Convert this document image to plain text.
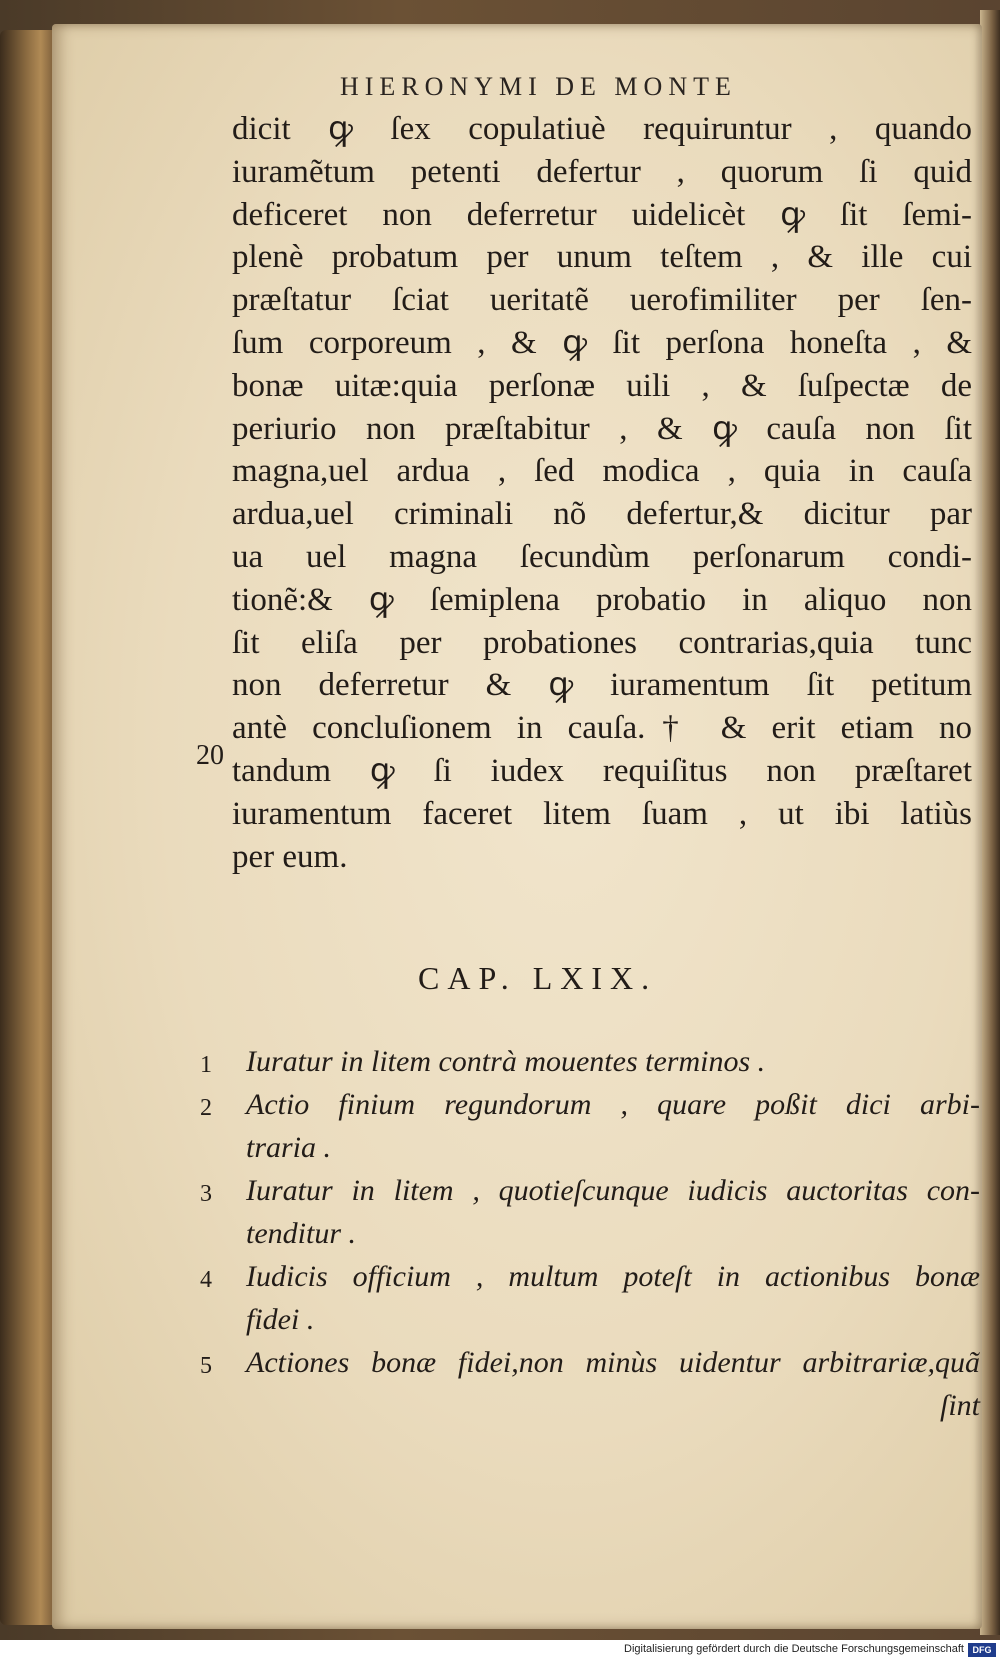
HIERONYMI DE MONTE
dicit ꝙ ſex copulatiuè requiruntur , quando
iuramẽtum petenti defertur , quorum ſi quid
deficeret non deferretur uidelicèt ꝙ ſit ſemi-
plenè probatum per unum teſtem , & ille cui
præſtatur ſciat ueritatẽ uerofimiliter per ſen-
ſum corporeum , & ꝙ ſit perſona honeſta , &
bonæ uitæ:quia perſonæ uili , & ſuſpectæ de
periurio non præſtabitur , & ꝙ cauſa non ſit
magna,uel ardua , ſed modica , quia in cauſa
ardua,uel criminali nõ defertur,& dicitur par
ua uel magna ſecundùm perſonarum condi-
tionẽ:& ꝙ ſemiplena probatio in aliquo non
ſit eliſa per probationes contrarias,quia tunc
non deferretur & ꝙ iuramentum ſit petitum
antè concluſionem in cauſa.† & erit etiam no
tandum ꝙ ſi iudex requiſitus non præſtaret
iuramentum faceret litem ſuam , ut ibi latiùs
per eum.
20
CAP. LXIX.
1	Iuratur in litem contrà mouentes terminos .
2	Actio finium regundorum , quare poßit dici arbi-
traria .
3	Iuratur in litem , quotieſcunque iudicis auctoritas con-
tenditur .
4	Iudicis officium , multum poteſt in actionibus bonæ
fidei .
5	Actiones bonæ fidei,non minùs uidentur arbitrariæ,quã
ſint
Digitalisierung gefördert durch die Deutsche Forschungsgemeinschaft DFG
